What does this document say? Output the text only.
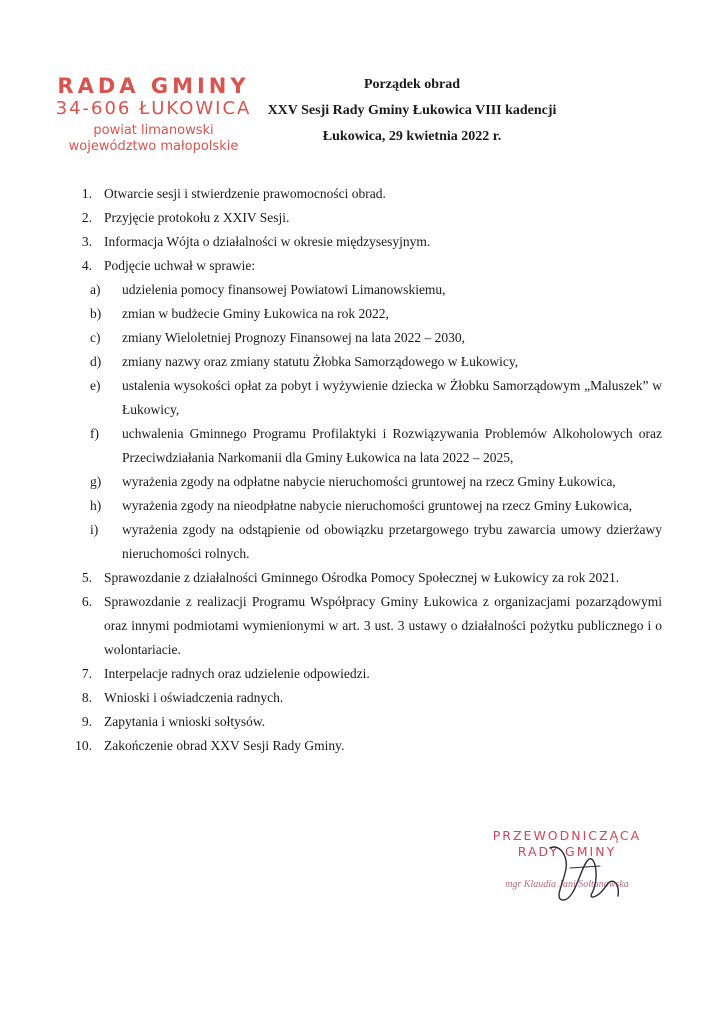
RADA GMINY
34-606 ŁUKOWICA
powiat limanowski
województwo małopolskie
Porządek obrad
XXV Sesji Rady Gminy Łukowica VIII kadencji
Łukowica, 29 kwietnia 2022 r.
1. Otwarcie sesji i stwierdzenie prawomocności obrad.
2. Przyjęcie protokołu z XXIV Sesji.
3. Informacja Wójta o działalności w okresie międzysesyjnym.
4. Podjęcie uchwał w sprawie:
a)	udzielenia pomocy finansowej Powiatowi Limanowskiemu,
b)	zmian w budżecie Gminy Łukowica na rok 2022,
c)	zmiany Wieloletniej Prognozy Finansowej na lata 2022 – 2030,
d)	zmiany nazwy oraz zmiany statutu Żłobka Samorządowego w Łukowicy,
e)	ustalenia wysokości opłat za pobyt i wyżywienie dziecka w Żłobku Samorządowym „Maluszek” w Łukowicy,
f)	uchwalenia Gminnego Programu Profilaktyki i Rozwiązywania Problemów Alkoholowych oraz Przeciwdziałania Narkomanii dla Gminy Łukowica na lata 2022 – 2025,
g)	wyrażenia zgody na odpłatne nabycie nieruchomości gruntowej na rzecz Gminy Łukowica,
h)	wyrażenia zgody na nieodpłatne nabycie nieruchomości gruntowej na rzecz Gminy Łukowica,
i)	wyrażenia zgody na odstąpienie od obowiązku przetargowego trybu zawarcia umowy dzierżawy nieruchomości rolnych.
5. Sprawozdanie z działalności Gminnego Ośrodka Pomocy Społecznej w Łukowicy za rok 2021.
6. Sprawozdanie z realizacji Programu Współpracy Gminy Łukowica z organizacjami pozarządowymi oraz innymi podmiotami wymienionymi w art. 3 ust. 3 ustawy o działalności pożytku publicznego i o wolontariacie.
7. Interpelacje radnych oraz udzielenie odpowiedzi.
8. Wnioski i oświadczenia radnych.
9. Zapytania i wnioski sołtysów.
10. Zakończenie obrad XXV Sesji Rady Gminy.
PRZEWODNICZĄCA
RADY GMINY
mgr Klaudia Jani Sołtanowska
